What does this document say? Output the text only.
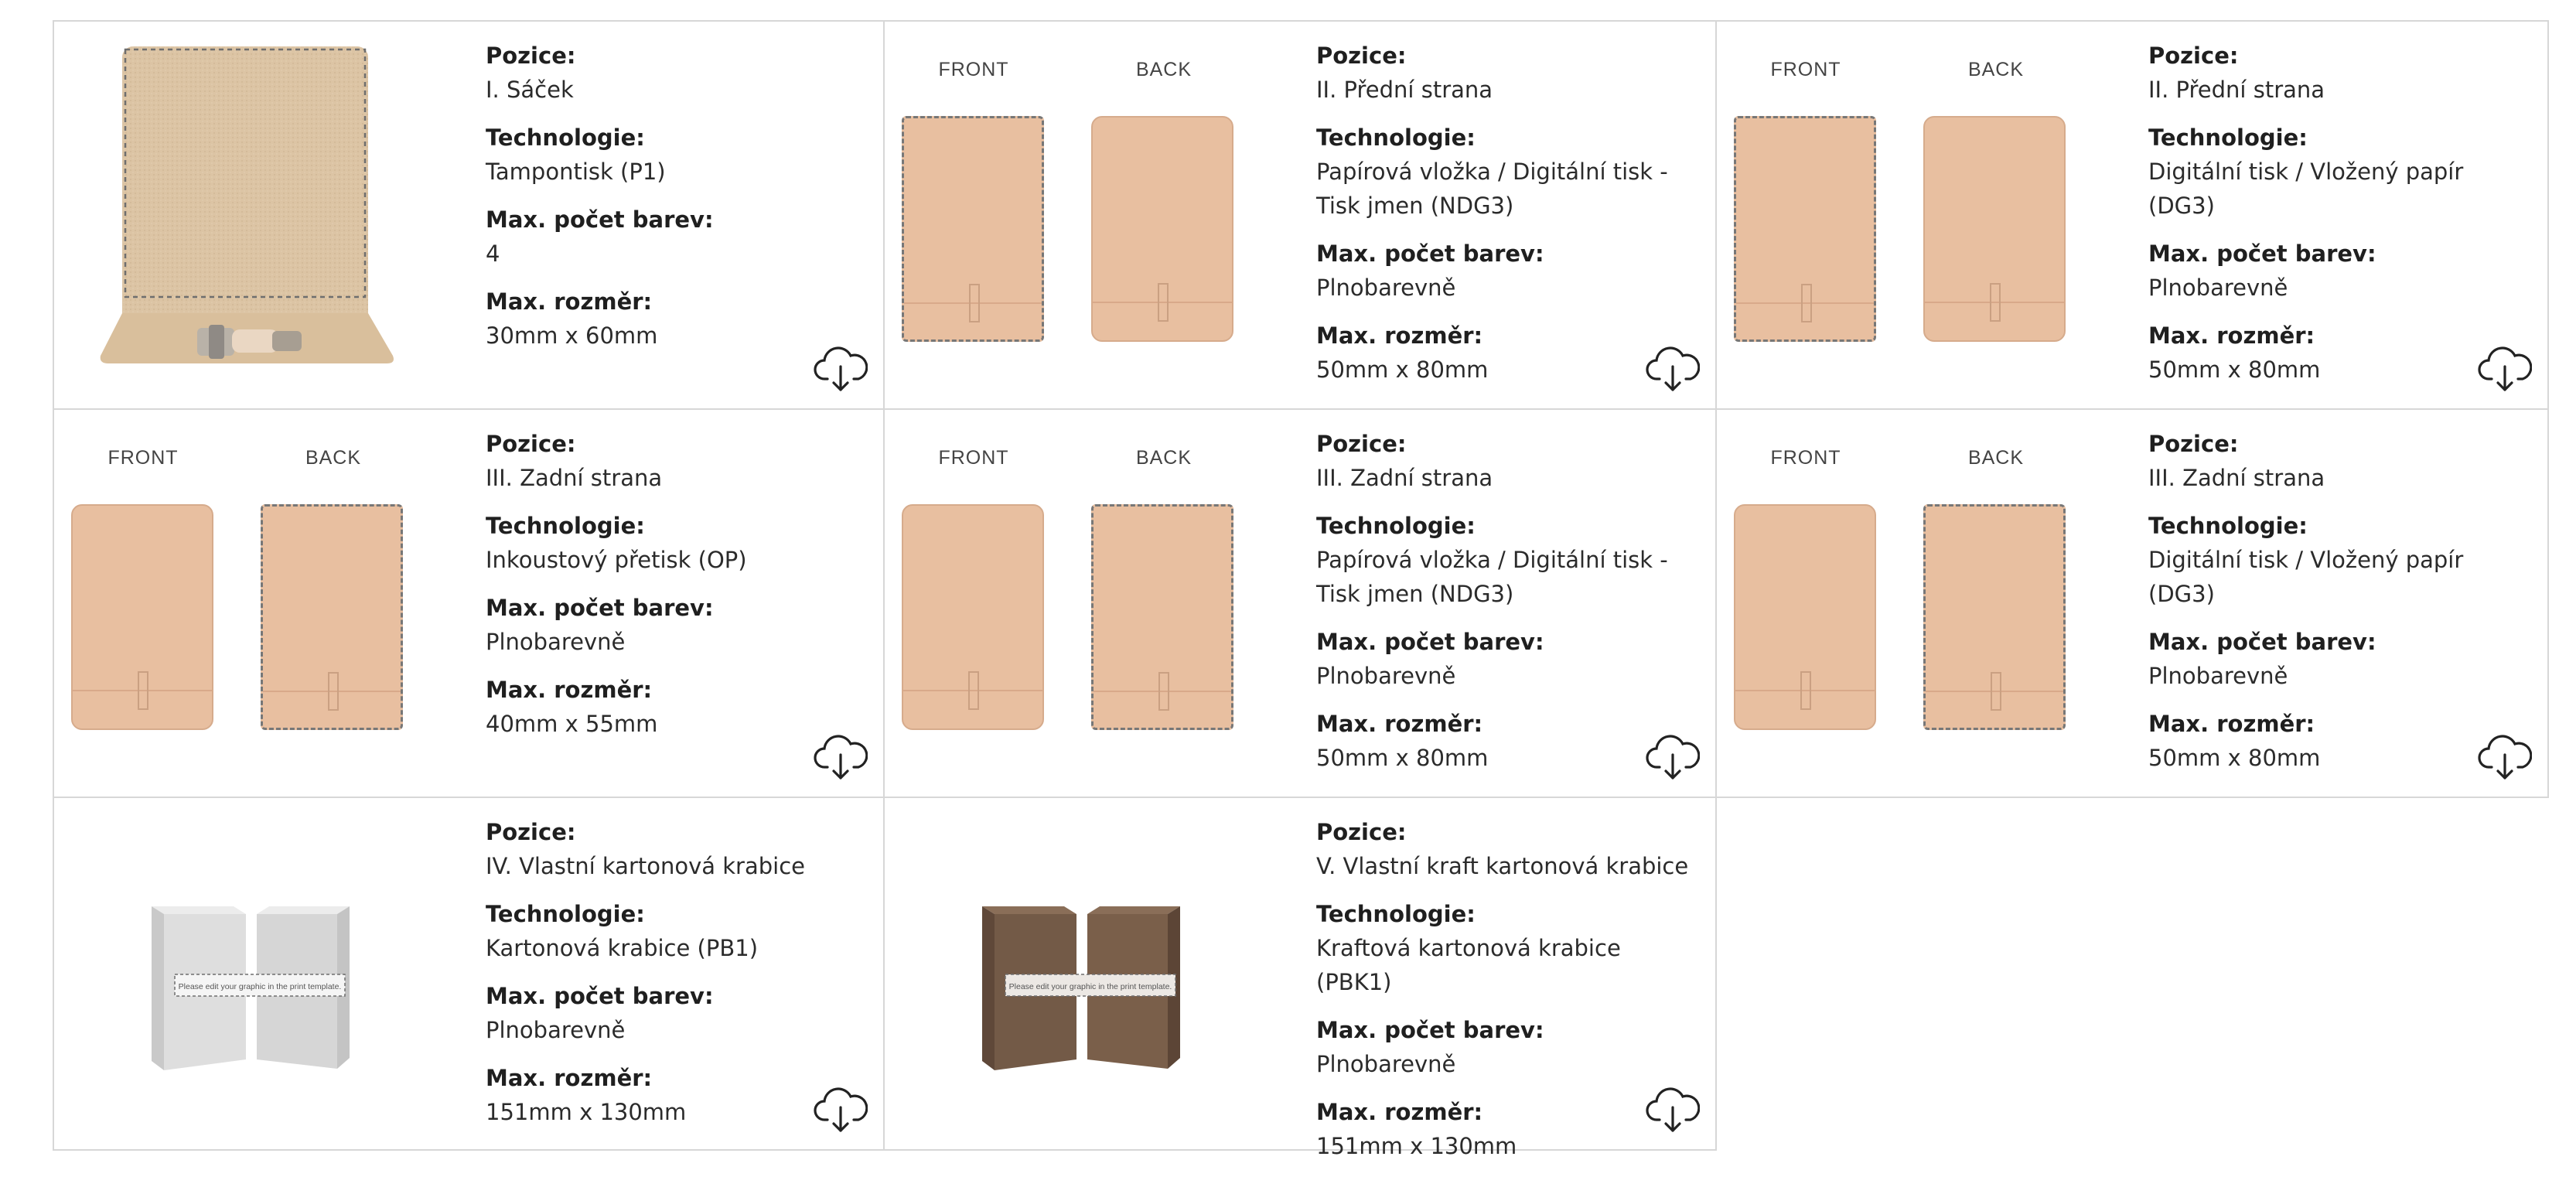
Pozice:
I. Sáček
Technologie:
Tampontisk (P1)
Max. počet barev:
4
Max. rozměr:
30mm x 60mm
FRONT	BACK
Pozice:
II. Přední strana
Technologie:
Papírová vložka / Digitální tisk - Tisk jmen (NDG3)
Max. počet barev:
Plnobarevně
Max. rozměr:
50mm x 80mm
FRONT	BACK
Pozice:
II. Přední strana
Technologie:
Digitální tisk / Vložený papír (DG3)
Max. počet barev:
Plnobarevně
Max. rozměr:
50mm x 80mm
FRONT	BACK
Pozice:
III. Zadní strana
Technologie:
Inkoustový přetisk (OP)
Max. počet barev:
Plnobarevně
Max. rozměr:
40mm x 55mm
FRONT	BACK
Pozice:
III. Zadní strana
Technologie:
Papírová vložka / Digitální tisk - Tisk jmen (NDG3)
Max. počet barev:
Plnobarevně
Max. rozměr:
50mm x 80mm
FRONT	BACK
Pozice:
III. Zadní strana
Technologie:
Digitální tisk / Vložený papír (DG3)
Max. počet barev:
Plnobarevně
Max. rozměr:
50mm x 80mm
Please edit your graphic in the print template.
Pozice:
IV. Vlastní kartonová krabice
Technologie:
Kartonová krabice (PB1)
Max. počet barev:
Plnobarevně
Max. rozměr:
151mm x 130mm
Please edit your graphic in the print template.
Pozice:
V. Vlastní kraft kartonová krabice
Technologie:
Kraftová kartonová krabice (PBK1)
Max. počet barev:
Plnobarevně
Max. rozměr:
151mm x 130mm
